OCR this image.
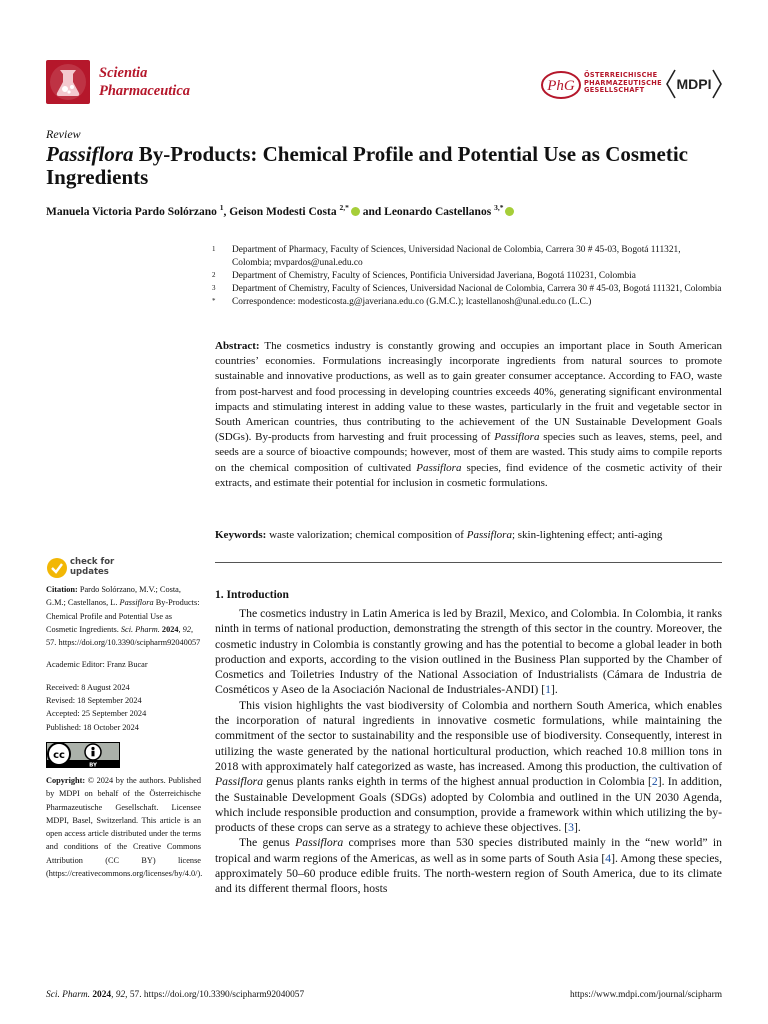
Scientia
Pharmaceutica	PhG
ÖSTERREICHISCHE
PHARMAZEUTISCHE
GESELLSCHAFT	MDPI
Review
Passiflora By-Products: Chemical Profile and Potential Use as Cosmetic Ingredients
Manuela Victoria Pardo Solórzano $^1$, Geison Modesti Costa $^{2,*}$ and Leonardo Castellanos $^{3,*}$
1	Department of Pharmacy, Faculty of Sciences, Universidad Nacional de Colombia, Carrera 30 # 45-03, Bogotá 111321, Colombia; mvpardos@unal.edu.co
2	Department of Chemistry, Faculty of Sciences, Pontificia Universidad Javeriana, Bogotá 110231, Colombia
3	Department of Chemistry, Faculty of Sciences, Universidad Nacional de Colombia, Carrera 30 # 45-03, Bogotá 111321, Colombia
*	Correspondence: modesticosta.g@javeriana.edu.co (G.M.C.); lcastellanosh@unal.edu.co (L.C.)

Abstract: The cosmetics industry is constantly growing and occupies an important place in South American countries’ economies. Formulations increasingly incorporate ingredients from natural sources to promote sustainable and innovative productions, as well as to gain greater consumer acceptance. According to FAO, waste from post-harvest and food processing in developing countries exceeds 40%, generating significant environmental impacts and stimulating interest in adding value to these wastes, particularly in the fruit and vegetable sector in South American countries, thus contributing to the achievement of the UN Sustainable Development Goals (SDGs). By-products from harvesting and fruit processing of Passiflora species such as leaves, stems, peel, and seeds are a source of bioactive compounds; however, most of them are wasted. This study aims to compile reports on the chemical composition of cultivated Passiflora species, find evidence of the cosmetic activity of their extracts, and estimate their potential for inclusion in cosmetic formulations.

Keywords: waste valorization; chemical composition of Passiflora; skin-lightening effect; anti-aging

check for
updates

Citation: Pardo Solórzano, M.V.; Costa, G.M.; Castellanos, L. Passiflora By-Products: Chemical Profile and Potential Use as Cosmetic Ingredients. Sci. Pharm. 2024, 92, 57. https://doi.org/10.3390/scipharm92040057

Academic Editor: Franz Bucar

Received: 8 August 2024

Revised: 18 September 2024

Accepted: 25 September 2024

Published: 18 October 2024

cc
BY

Copyright: © 2024 by the authors. Published by MDPI on behalf of the Österreichische Pharmazeutische Gesellschaft. Licensee MDPI, Basel, Switzerland. This article is an open access article distributed under the terms and conditions of the Creative Commons Attribution (CC BY) license (https://creativecommons.org/licenses/by/4.0/).

1. Introduction

The cosmetics industry in Latin America is led by Brazil, Mexico, and Colombia. In Colombia, it ranks ninth in terms of national production, demonstrating the strength of this sector in the country. Moreover, the cosmetic industry in Colombia is constantly growing and has the potential to become a global leader in both production and exports, according to the vision outlined in the Business Plan supported by the Chamber of Cosmetics and Toiletries Industry of the National Association of Industrialists (Cámara de Industria de Cosméticos y Aseo de la Asociación Nacional de Industriales-ANDI) [1].

This vision highlights the vast biodiversity of Colombia and northern South America, which enables the incorporation of natural ingredients in innovative cosmetic formulations, while maintaining the commitment of the sector to sustainability and the responsible use of biodiversity. Consequently, interest in utilizing the waste generated by the national horticultural production, which reached 10.8 million tons in 2018 with approximately half categorized as waste, has increased. Among this production, the cultivation of Passiflora genus plants ranks eighth in terms of the highest annual production in Colombia [2]. In addition, the Sustainable Development Goals (SDGs) adopted by Colombia and outlined in the UN 2030 Agenda, which include responsible production and consumption, provide a framework within which utilizing the by-products of these crops can serve as a strategy to achieve these objectives. [3].

The genus Passiflora comprises more than 530 species distributed mainly in the “new world” in tropical and warm regions of the Americas, as well as in some parts of South Asia [4]. Among these species, approximately 50–60 produce edible fruits. The north-western region of South America, due to its climate and its different thermal floors, hosts

Sci. Pharm. 2024, 92, 57. https://doi.org/10.3390/scipharm92040057	https://www.mdpi.com/journal/scipharm
